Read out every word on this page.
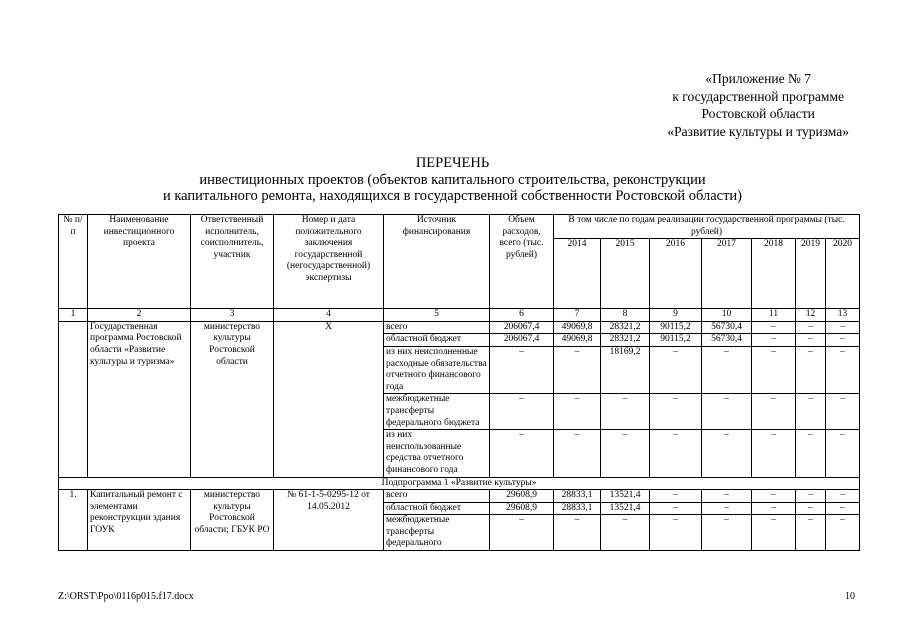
«Приложение № 7
к государственной программе
Ростовской области
«Развитие культуры и туризма»
ПЕРЕЧЕНЬ
инвестиционных проектов (объектов капитального строительства, реконструкции
и капитального ремонта, находящихся в государственной собственности Ростовской области)
№ п/п	Наименование инвестиционного проекта	Ответственный исполнитель, соисполнитель, участник	Номер и дата положительного заключения государственной (негосударственной) экспертизы	Источник финансирования	Объем расходов, всего (тыс. рублей)	В том числе по годам реализации государственной программы (тыс. рублей)						
						2014	2015	2016	2017	2018	2019	2020
1	2	3	4	5	6	7	8	9	10	11	12	13
	Государственная программа Ростовской области «Развитие культуры и туризма»	министерство культуры Ростовской области	Х	всего	206067,4	49069,8	28321,2	90115,2	56730,4	–	–	–
				областной бюджет	206067,4	49069,8	28321,2	90115,2	56730,4	–	–	–
				из них неисполненные расходные обязательства отчетного финансового года	–	–	18169,2	–	–	–	–	–
				межбюджетные трансферты федерального бюджета	–	–	–	–	–	–	–	–
				из них неиспользованные средства отчетного финансового года	–	–	–	–	–	–	–	–
Подпрограмма 1 «Развитие культуры»												
1.	Капитальный ремонт с элементами реконструкции здания ГОУК	министерство культуры Ростовской области; ГБУК РО	№ 61-1-5-0295-12 от 14.05.2012	всего	29608,9	28833,1	13521,4	–	–	–	–	–
				областной бюджет	29608,9	28833,1	13521,4	–	–	–	–	–
				межбюджетные трансферты федерального	–	–	–	–	–	–	–	–
Z:\ORST\Ppo\0116p015.f17.docx	10
